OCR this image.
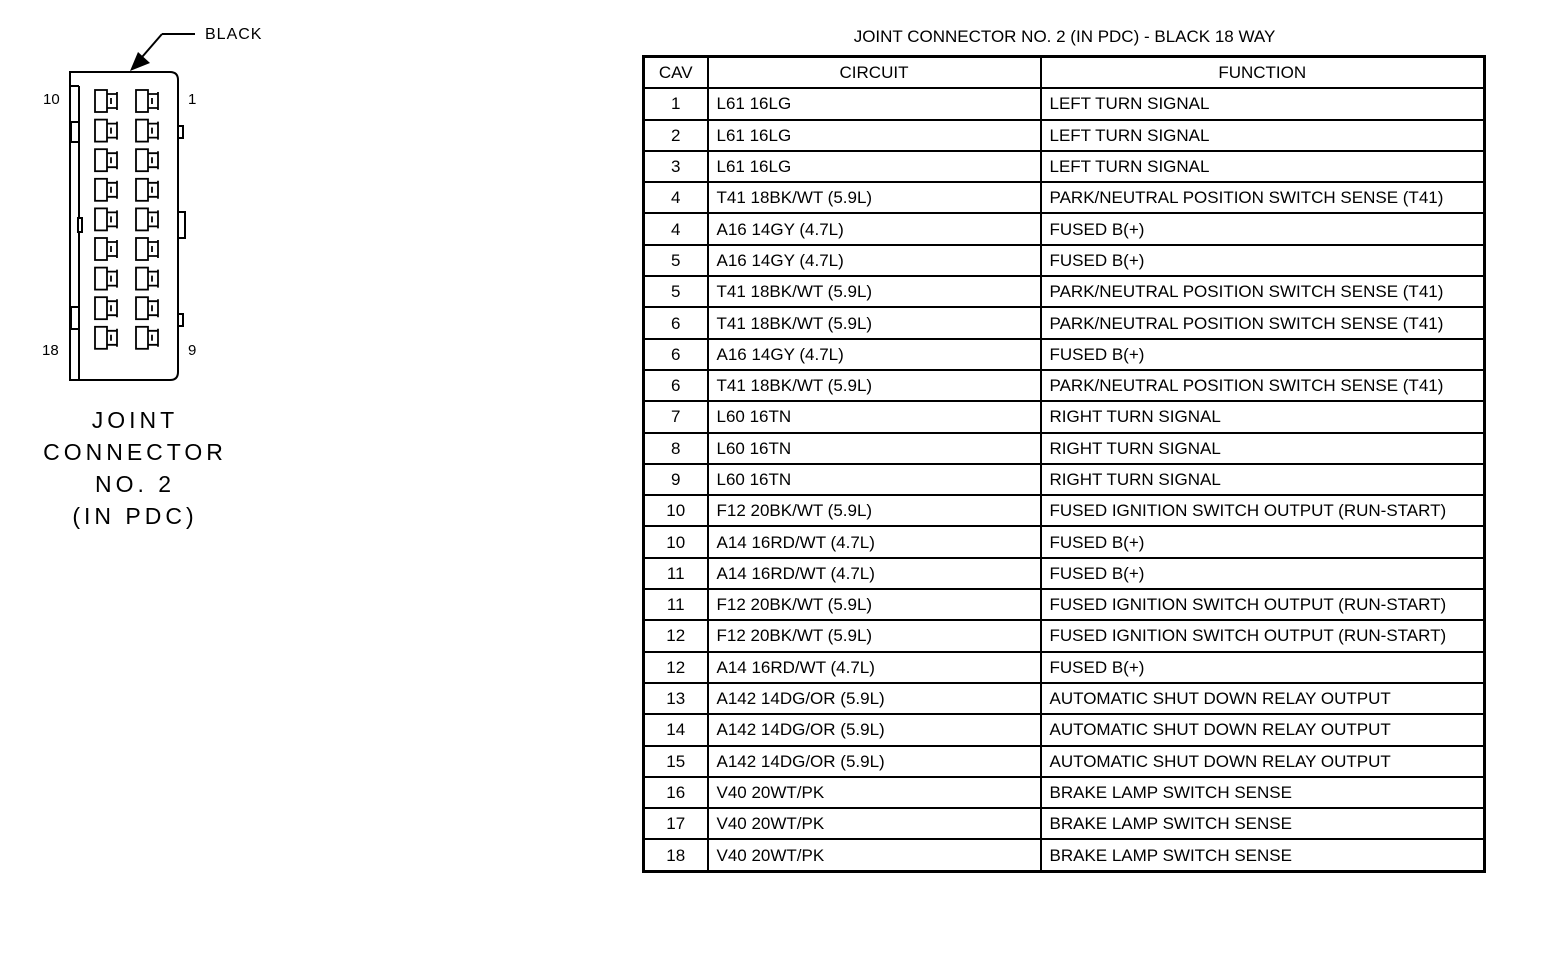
10	1
18	9
BLACK
JOINT
CONNECTOR
NO. 2
(IN PDC)
JOINT CONNECTOR NO. 2 (IN PDC) - BLACK 18 WAY
CAV	CIRCUIT	FUNCTION
1	L61 16LG	LEFT TURN SIGNAL
2	L61 16LG	LEFT TURN SIGNAL
3	L61 16LG	LEFT TURN SIGNAL
4	T41 18BK/WT (5.9L)	PARK/NEUTRAL POSITION SWITCH SENSE (T41)
4	A16 14GY (4.7L)	FUSED B(+)
5	A16 14GY (4.7L)	FUSED B(+)
5	T41 18BK/WT (5.9L)	PARK/NEUTRAL POSITION SWITCH SENSE (T41)
6	T41 18BK/WT (5.9L)	PARK/NEUTRAL POSITION SWITCH SENSE (T41)
6	A16 14GY (4.7L)	FUSED B(+)
6	T41 18BK/WT (5.9L)	PARK/NEUTRAL POSITION SWITCH SENSE (T41)
7	L60 16TN	RIGHT TURN SIGNAL
8	L60 16TN	RIGHT TURN SIGNAL
9	L60 16TN	RIGHT TURN SIGNAL
10	F12 20BK/WT (5.9L)	FUSED IGNITION SWITCH OUTPUT (RUN-START)
10	A14 16RD/WT (4.7L)	FUSED B(+)
11	A14 16RD/WT (4.7L)	FUSED B(+)
11	F12 20BK/WT (5.9L)	FUSED IGNITION SWITCH OUTPUT (RUN-START)
12	F12 20BK/WT (5.9L)	FUSED IGNITION SWITCH OUTPUT (RUN-START)
12	A14 16RD/WT (4.7L)	FUSED B(+)
13	A142 14DG/OR (5.9L)	AUTOMATIC SHUT DOWN RELAY OUTPUT
14	A142 14DG/OR (5.9L)	AUTOMATIC SHUT DOWN RELAY OUTPUT
15	A142 14DG/OR (5.9L)	AUTOMATIC SHUT DOWN RELAY OUTPUT
16	V40 20WT/PK	BRAKE LAMP SWITCH SENSE
17	V40 20WT/PK	BRAKE LAMP SWITCH SENSE
18	V40 20WT/PK	BRAKE LAMP SWITCH SENSE
